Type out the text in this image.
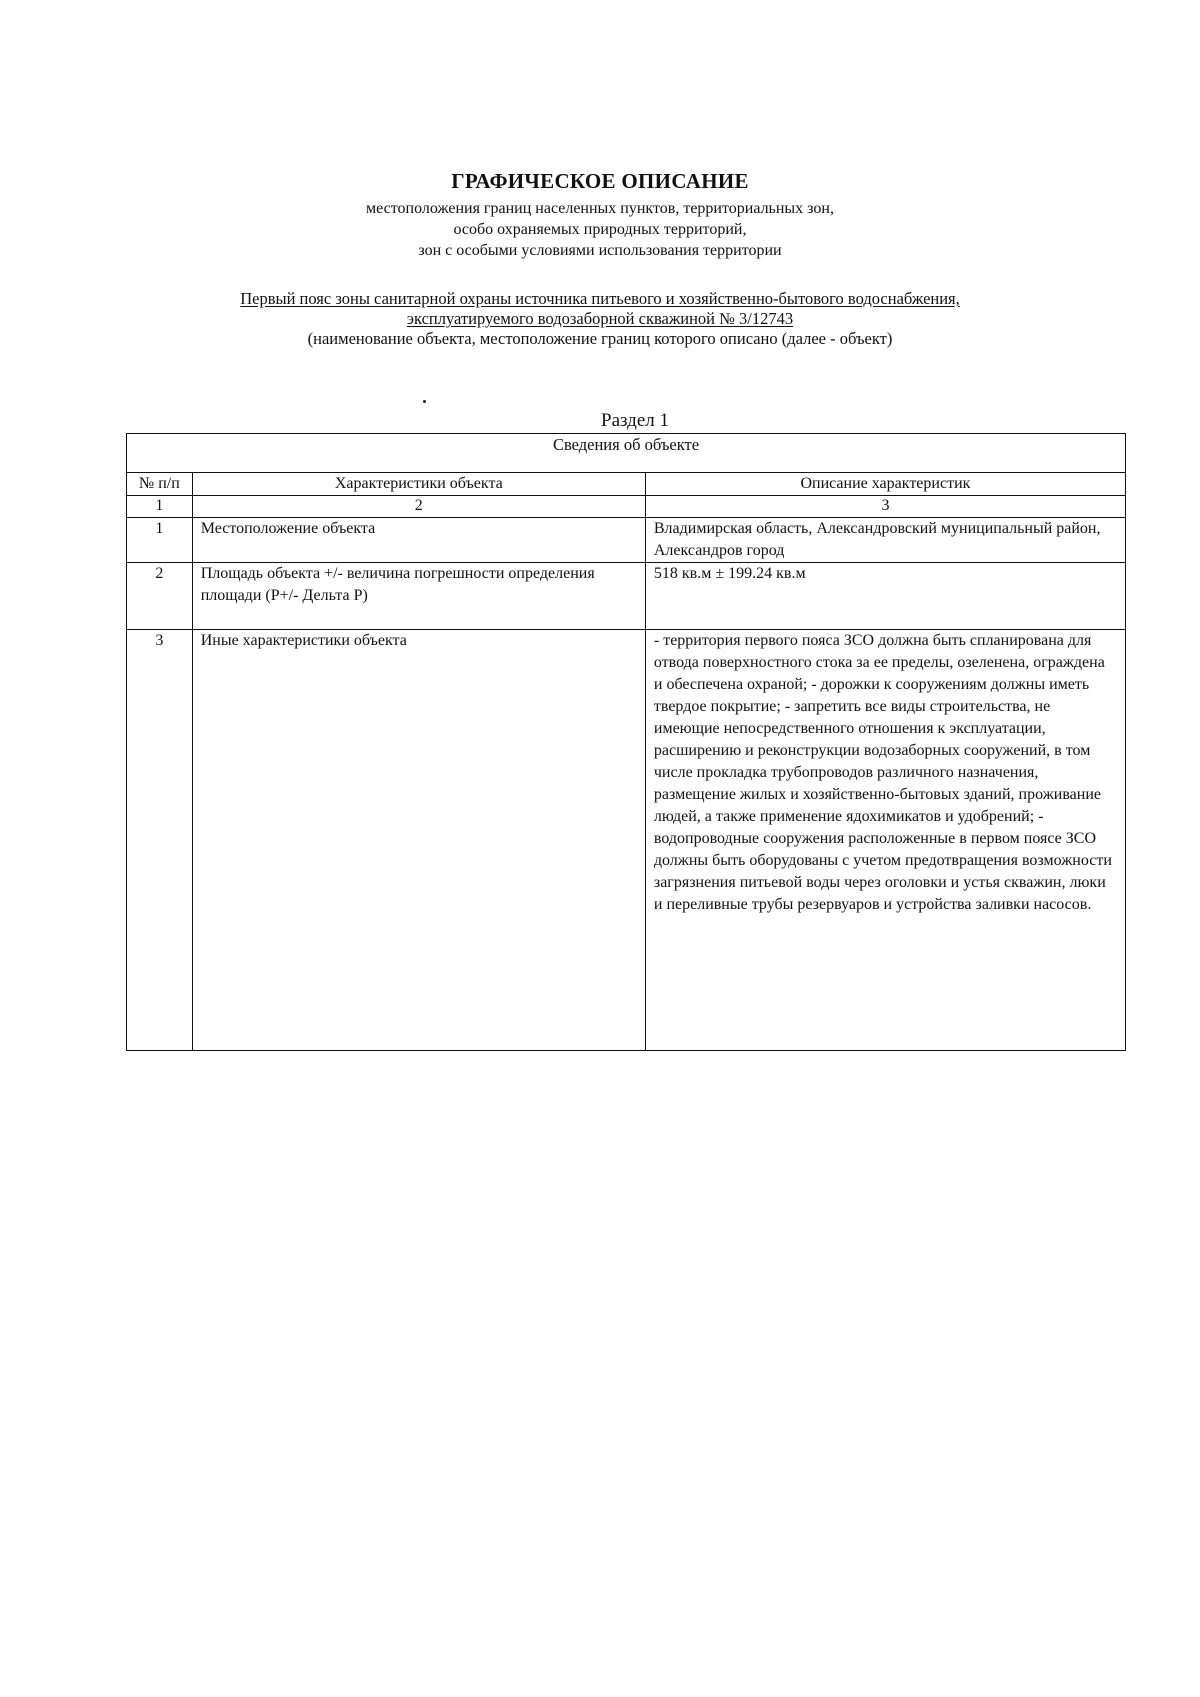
ГРАФИЧЕСКОЕ ОПИСАНИЕ
местоположения границ населенных пунктов, территориальных зон,
особо охраняемых природных территорий,
зон с особыми условиями использования территории
Первый пояс зоны санитарной охраны источника питьевого и хозяйственно-бытового водоснабжения,
эксплуатируемого водозаборной скважиной № 3/12743
(наименование объекта, местоположение границ которого описано (далее - объект)
Раздел 1
Сведения об объекте		
№ п/п	Характеристики объекта	Описание характеристик
1	2	3
1	Местоположение объекта	Владимирская область, Александровский муниципальный район, Александров город
2	Площадь объекта +/- величина погрешности определения площади (Р+/- Дельта Р)	518 кв.м ± 199.24 кв.м
3	Иные характеристики объекта	- территория первого пояса ЗСО должна быть спланирована для отвода поверхностного стока за ее пределы, озеленена, ограждена и обеспечена охраной; - дорожки к сооружениям должны иметь твердое покрытие; - запретить все виды строительства, не имеющие непосредственного отношения к эксплуатации, расширению и реконструкции водозаборных сооружений, в том числе прокладка трубопроводов различного назначения, размещение жилых и хозяйственно-бытовых зданий, проживание людей, а также применение ядохимикатов и удобрений; - водопроводные сооружения расположенные в первом поясе ЗСО должны быть оборудованы с учетом предотвращения возможности загрязнения питьевой воды через оголовки и устья скважин, люки и переливные трубы резервуаров и устройства заливки насосов.
